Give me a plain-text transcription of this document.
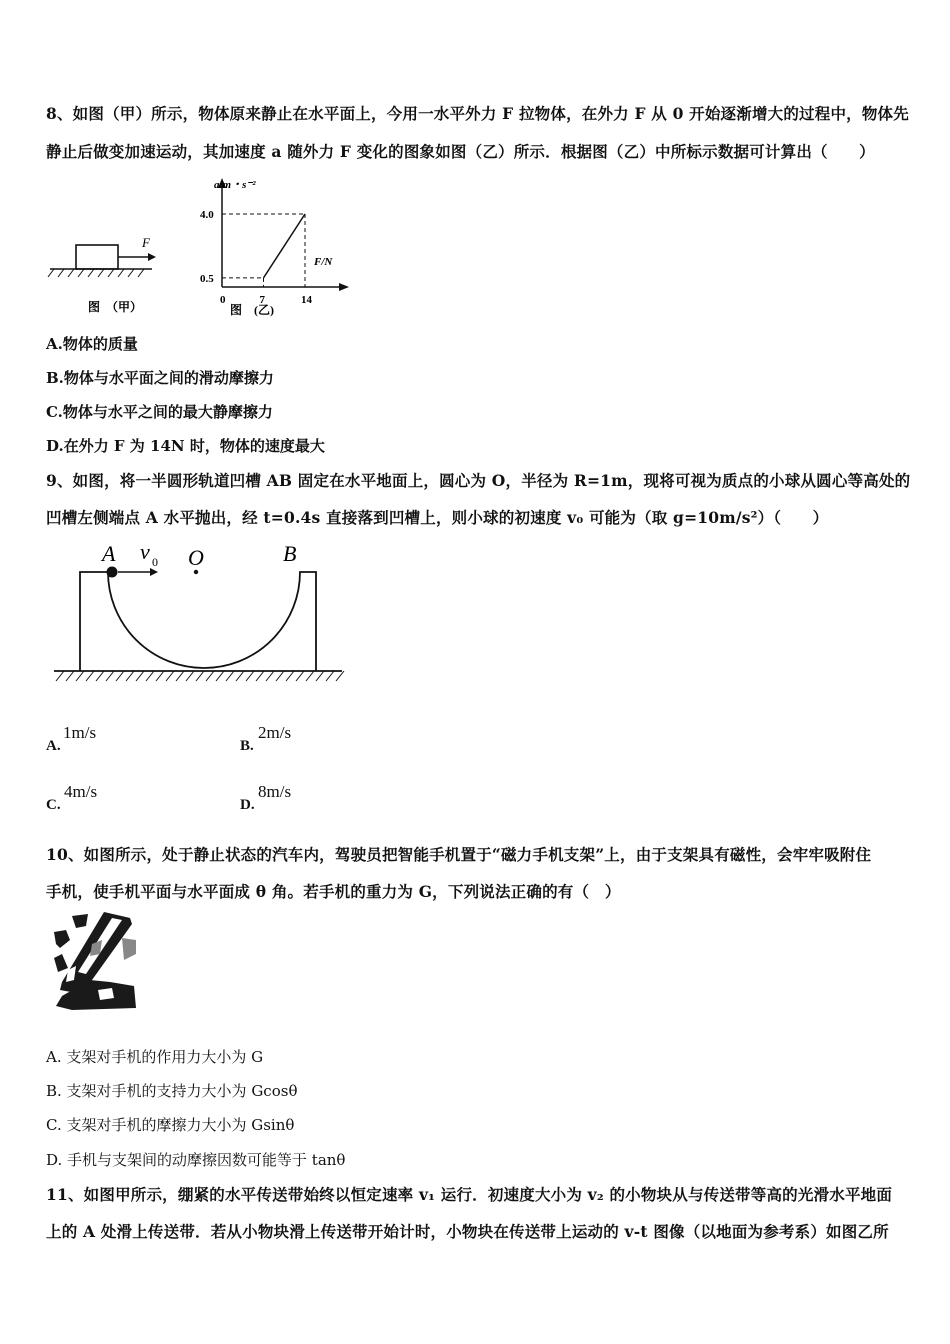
8、如图（甲）所示，物体原来静止在水平面上，今用一水平外力 F 拉物体，在外力 F 从 0 开始逐渐增大的过程中，物体先
静止后做变加速运动，其加速度 a 随外力 F 变化的图象如图（乙）所示．根据图（乙）中所标示数据可计算出（　　）
F
图　（甲）
a/m・s⁻²
F/N
4.0
0.5
0	7	14
图　(乙)
A.物体的质量
B.物体与水平面之间的滑动摩擦力
C.物体与水平之间的最大静摩擦力
D.在外力 F 为 14N 时，物体的速度最大
9、如图，将一半圆形轨道凹槽 AB 固定在水平地面上，圆心为 O，半径为 R=1m，现将可视为质点的小球从圆心等高处的
凹槽左侧端点 A 水平抛出，经 t=0.4s 直接落到凹槽上，则小球的初速度 v₀ 可能为（取 g=10m/s²）（　　）
A v 0 O	B
A.
1m/s
B.
2m/s
C.
4m/s
D.
8m/s
10、如图所示，处于静止状态的汽车内，驾驶员把智能手机置于“磁力手机支架”上，由于支架具有磁性，会牢牢吸附住
手机，使手机平面与水平面成 θ 角。若手机的重力为 G，下列说法正确的有（　）
A. 支架对手机的作用力大小为 G
B. 支架对手机的支持力大小为 Gcosθ
C. 支架对手机的摩擦力大小为 Gsinθ
D. 手机与支架间的动摩擦因数可能等于 tanθ
11、如图甲所示，绷紧的水平传送带始终以恒定速率 v₁ 运行．初速度大小为 v₂ 的小物块从与传送带等高的光滑水平地面
上的 A 处滑上传送带．若从小物块滑上传送带开始计时，小物块在传送带上运动的 v-t 图像（以地面为参考系）如图乙所
